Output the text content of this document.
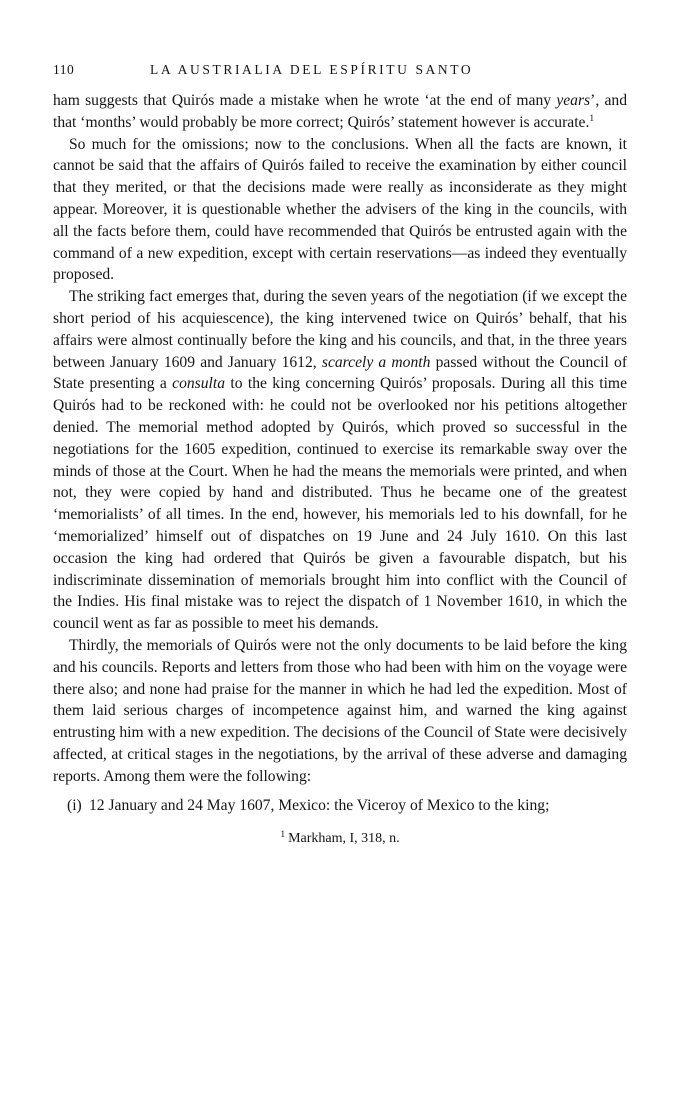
110	LA AUSTRIALIA DEL ESPÍRITU SANTO

ham suggests that Quirós made a mistake when he wrote ‘at the end of many years’, and that ‘months’ would probably be more correct; Quirós’ statement however is accurate.$^1$

So much for the omissions; now to the conclusions. When all the facts are known, it cannot be said that the affairs of Quirós failed to receive the examination by either council that they merited, or that the decisions made were really as inconsiderate as they might appear. Moreover, it is questionable whether the advisers of the king in the councils, with all the facts before them, could have recommended that Quirós be entrusted again with the command of a new expedition, except with certain reservations—as indeed they eventually proposed.

The striking fact emerges that, during the seven years of the negotiation (if we except the short period of his acquiescence), the king intervened twice on Quirós’ behalf, that his affairs were almost continually before the king and his councils, and that, in the three years between January 1609 and January 1612, scarcely a month passed without the Council of State presenting a consulta to the king concerning Quirós’ proposals. During all this time Quirós had to be reckoned with: he could not be overlooked nor his petitions altogether denied. The memorial method adopted by Quirós, which proved so successful in the negotiations for the 1605 expedition, continued to exercise its remarkable sway over the minds of those at the Court. When he had the means the memorials were printed, and when not, they were copied by hand and distributed. Thus he became one of the greatest ‘memorialists’ of all times. In the end, however, his memorials led to his downfall, for he ‘memorialized’ himself out of dispatches on 19 June and 24 July 1610. On this last occasion the king had ordered that Quirós be given a favourable dispatch, but his indiscriminate dissemination of memorials brought him into conflict with the Council of the Indies. His final mistake was to reject the dispatch of 1 November 1610, in which the council went as far as possible to meet his demands.

Thirdly, the memorials of Quirós were not the only documents to be laid before the king and his councils. Reports and letters from those who had been with him on the voyage were there also; and none had praise for the manner in which he had led the expedition. Most of them laid serious charges of incompetence against him, and warned the king against entrusting him with a new expedition. The decisions of the Council of State were decisively affected, at critical stages in the negotiations, by the arrival of these adverse and damaging reports. Among them were the following:

(i) 12 January and 24 May 1607, Mexico: the Viceroy of Mexico to the king;
$^1$ Markham, I, 318, n.
